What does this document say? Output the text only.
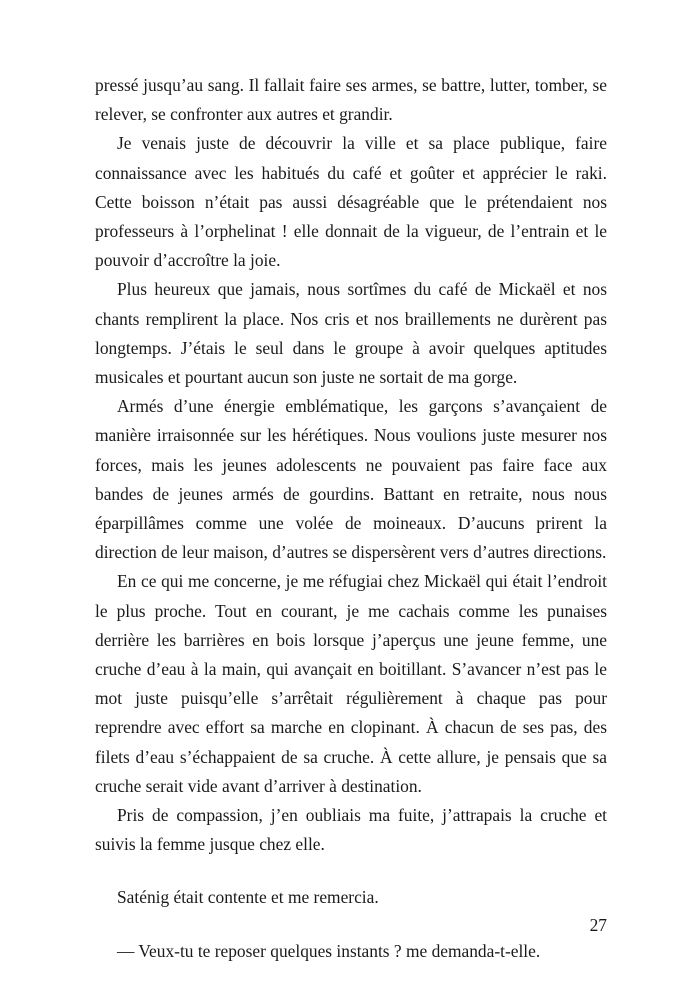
pressé jusqu’au sang. Il fallait faire ses armes, se battre, lutter, tomber, se relever, se confronter aux autres et grandir.

Je venais juste de découvrir la ville et sa place publique, faire connaissance avec les habitués du café et goûter et apprécier le raki. Cette boisson n’était pas aussi désagréable que le prétendaient nos professeurs à l’orphelinat ! elle donnait de la vigueur, de l’entrain et le pouvoir d’accroître la joie.

Plus heureux que jamais, nous sortîmes du café de Mickaël et nos chants remplirent la place. Nos cris et nos braillements ne durèrent pas longtemps. J’étais le seul dans le groupe à avoir quelques aptitudes musicales et pourtant aucun son juste ne sortait de ma gorge.

Armés d’une énergie emblématique, les garçons s’avançaient de manière irraisonnée sur les hérétiques. Nous voulions juste mesurer nos forces, mais les jeunes adolescents ne pouvaient pas faire face aux bandes de jeunes armés de gourdins. Battant en retraite, nous nous éparpillâmes comme une volée de moineaux. D’aucuns prirent la direction de leur maison, d’autres se dispersèrent vers d’autres directions.

En ce qui me concerne, je me réfugiai chez Mickaël qui était l’endroit le plus proche. Tout en courant, je me cachais comme les punaises derrière les barrières en bois lorsque j’aperçus une jeune femme, une cruche d’eau à la main, qui avançait en boitillant. S’avancer n’est pas le mot juste puisqu’elle s’arrêtait régulièrement à chaque pas pour reprendre avec effort sa marche en clopinant. À chacun de ses pas, des filets d’eau s’échappaient de sa cruche. À cette allure, je pensais que sa cruche serait vide avant d’arriver à destination.

Pris de compassion, j’en oubliais ma fuite, j’attrapais la cruche et suivis la femme jusque chez elle.

Saténig était contente et me remercia.

— Veux-tu te reposer quelques instants ? me demanda-t-elle.

27
